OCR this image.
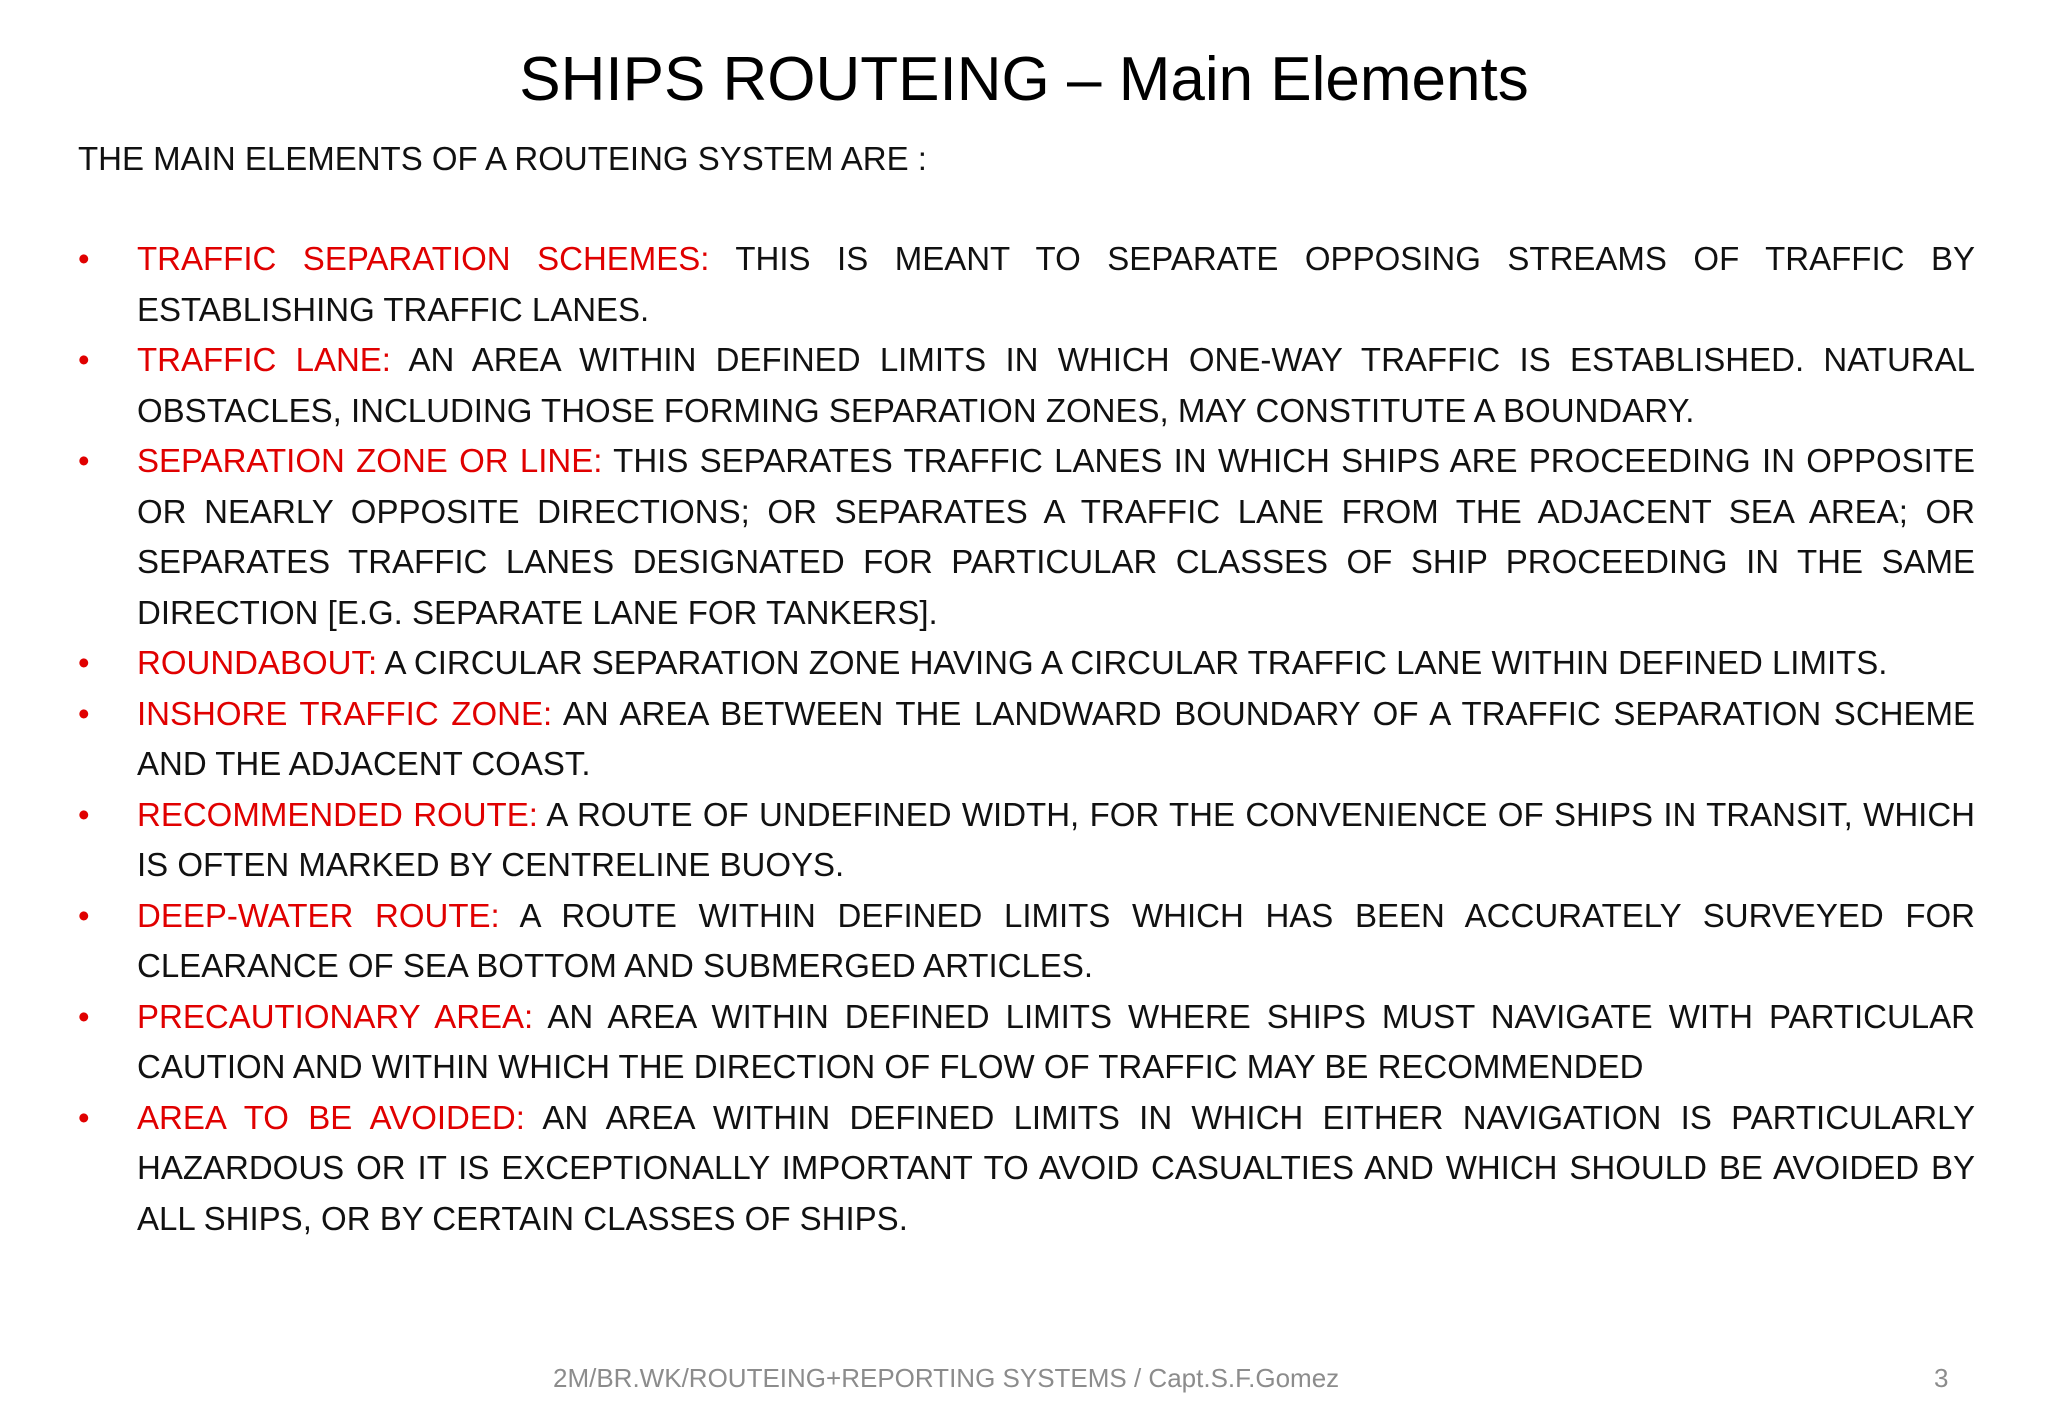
SHIPS ROUTEING – Main Elements
THE MAIN ELEMENTS OF A ROUTEING SYSTEM ARE :
• TRAFFIC SEPARATION SCHEMES: THIS IS MEANT TO SEPARATE OPPOSING STREAMS OF TRAFFIC BY ESTABLISHING TRAFFIC LANES.
• TRAFFIC LANE: AN AREA WITHIN DEFINED LIMITS IN WHICH ONE-WAY TRAFFIC IS ESTABLISHED. NATURAL OBSTACLES, INCLUDING THOSE FORMING SEPARATION ZONES, MAY CONSTITUTE A BOUNDARY.
• SEPARATION ZONE OR LINE: THIS SEPARATES TRAFFIC LANES IN WHICH SHIPS ARE PROCEEDING IN OPPOSITE OR NEARLY OPPOSITE DIRECTIONS; OR SEPARATES A TRAFFIC LANE FROM THE ADJACENT SEA AREA; OR SEPARATES TRAFFIC LANES DESIGNATED FOR PARTICULAR CLASSES OF SHIP PROCEEDING IN THE SAME DIRECTION [E.G. SEPARATE LANE FOR TANKERS].
• ROUNDABOUT: A CIRCULAR SEPARATION ZONE HAVING A CIRCULAR TRAFFIC LANE WITHIN DEFINED LIMITS.
• INSHORE TRAFFIC ZONE: AN AREA BETWEEN THE LANDWARD BOUNDARY OF A TRAFFIC SEPARATION SCHEME AND THE ADJACENT COAST.
• RECOMMENDED ROUTE: A ROUTE OF UNDEFINED WIDTH, FOR THE CONVENIENCE OF SHIPS IN TRANSIT, WHICH IS OFTEN MARKED BY CENTRELINE BUOYS.
• DEEP-WATER ROUTE: A ROUTE WITHIN DEFINED LIMITS WHICH HAS BEEN ACCURATELY SURVEYED FOR CLEARANCE OF SEA BOTTOM AND SUBMERGED ARTICLES.
• PRECAUTIONARY AREA: AN AREA WITHIN DEFINED LIMITS WHERE SHIPS MUST NAVIGATE WITH PARTICULAR CAUTION AND WITHIN WHICH THE DIRECTION OF FLOW OF TRAFFIC MAY BE RECOMMENDED
• AREA TO BE AVOIDED: AN AREA WITHIN DEFINED LIMITS IN WHICH EITHER NAVIGATION IS PARTICULARLY HAZARDOUS OR IT IS EXCEPTIONALLY IMPORTANT TO AVOID CASUALTIES AND WHICH SHOULD BE AVOIDED BY ALL SHIPS, OR BY CERTAIN CLASSES OF SHIPS.
2M/BR.WK/ROUTEING+REPORTING SYSTEMS / Capt.S.F.Gomez	3
